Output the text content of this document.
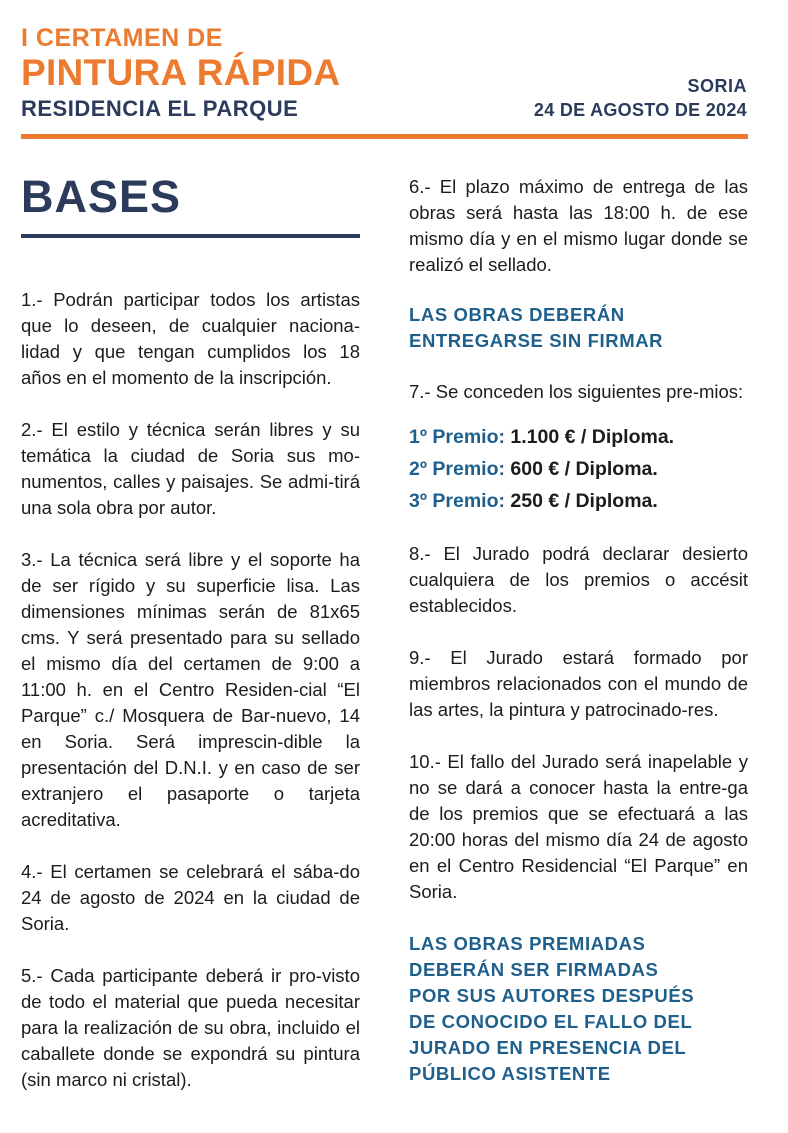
I CERTAMEN DE
PINTURA RÁPIDA
RESIDENCIA EL PARQUE
SORIA
24 DE AGOSTO DE 2024
BASES

1.- Podrán participar todos los artistas que lo deseen, de cualquier naciona-lidad y que tengan cumplidos los 18 años en el momento de la inscripción.

2.- El estilo y técnica serán libres y su temática la ciudad de Soria sus mo-numentos, calles y paisajes. Se admi-tirá una sola obra por autor.

3.- La técnica será libre y el soporte ha de ser rígido y su superficie lisa. Las dimensiones mínimas serán de 81x65 cms. Y será presentado para su sellado el mismo día del certamen de 9:00 a 11:00 h. en el Centro Residen-cial “El Parque” c./ Mosquera de Bar-nuevo, 14 en Soria. Será imprescin-dible la presentación del D.N.I. y en caso de ser extranjero el pasaporte o tarjeta acreditativa.

4.- El certamen se celebrará el sába-do 24 de agosto de 2024 en la ciudad de Soria.

5.- Cada participante deberá ir pro-visto de todo el material que pueda necesitar para la realización de su obra, incluido el caballete donde se expondrá su pintura (sin marco ni cristal).

6.- El plazo máximo de entrega de las obras será hasta las 18:00 h. de ese mismo día y en el mismo lugar donde se realizó el sellado.

LAS OBRAS DEBERÁN
ENTREGARSE SIN FIRMAR

7.- Se conceden los siguientes pre-mios:

1º Premio: 1.100 € / Diploma.
2º Premio: 600 € / Diploma.
3º Premio: 250 € / Diploma.

8.- El Jurado podrá declarar desierto cualquiera de los premios o accésit establecidos.

9.- El Jurado estará formado por miembros relacionados con el mundo de las artes, la pintura y patrocinado-res.

10.- El fallo del Jurado será inapelable y no se dará a conocer hasta la entre-ga de los premios que se efectuará a las 20:00 horas del mismo día 24 de agosto en el Centro Residencial “El Parque” en Soria.

LAS OBRAS PREMIADAS
DEBERÁN SER FIRMADAS
POR SUS AUTORES DESPUÉS
DE CONOCIDO EL FALLO DEL
JURADO EN PRESENCIA DEL
PÚBLICO ASISTENTE
